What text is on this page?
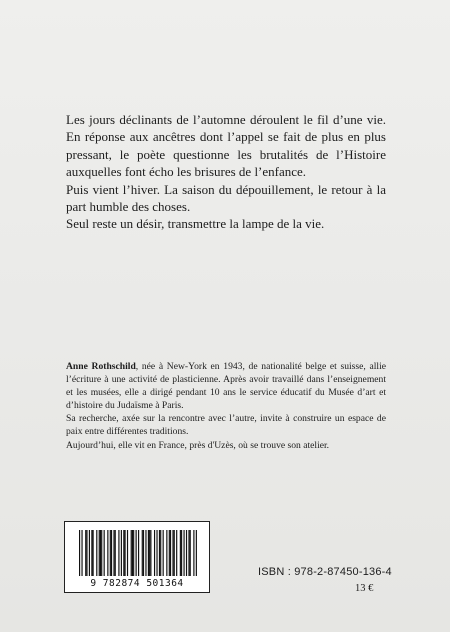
Les jours déclinants de l’automne déroulent le fil d’une vie. En réponse aux ancêtres dont l’appel se fait de plus en plus pressant, le poète questionne les brutalités de l’Histoire auxquelles font écho les brisures de l’enfance.

Puis vient l’hiver. La saison du dépouillement, le retour à la part humble des choses.

Seul reste un désir, transmettre la lampe de la vie.

Anne Rothschild, née à New-York en 1943, de nationalité belge et suisse, allie l’écriture à une activité de plasticienne. Après avoir travaillé dans l’enseignement et les musées, elle a dirigé pendant 10 ans le service éducatif du Musée d’art et d’histoire du Judaïsme à Paris.

Sa recherche, axée sur la rencontre avec l’autre, invite à construire un espace de paix entre différentes traditions.

Aujourd’hui, elle vit en France, près d'Uzès, où se trouve son atelier.

9 782874 501364
ISBN : 978-2-87450-136-4
13 €
